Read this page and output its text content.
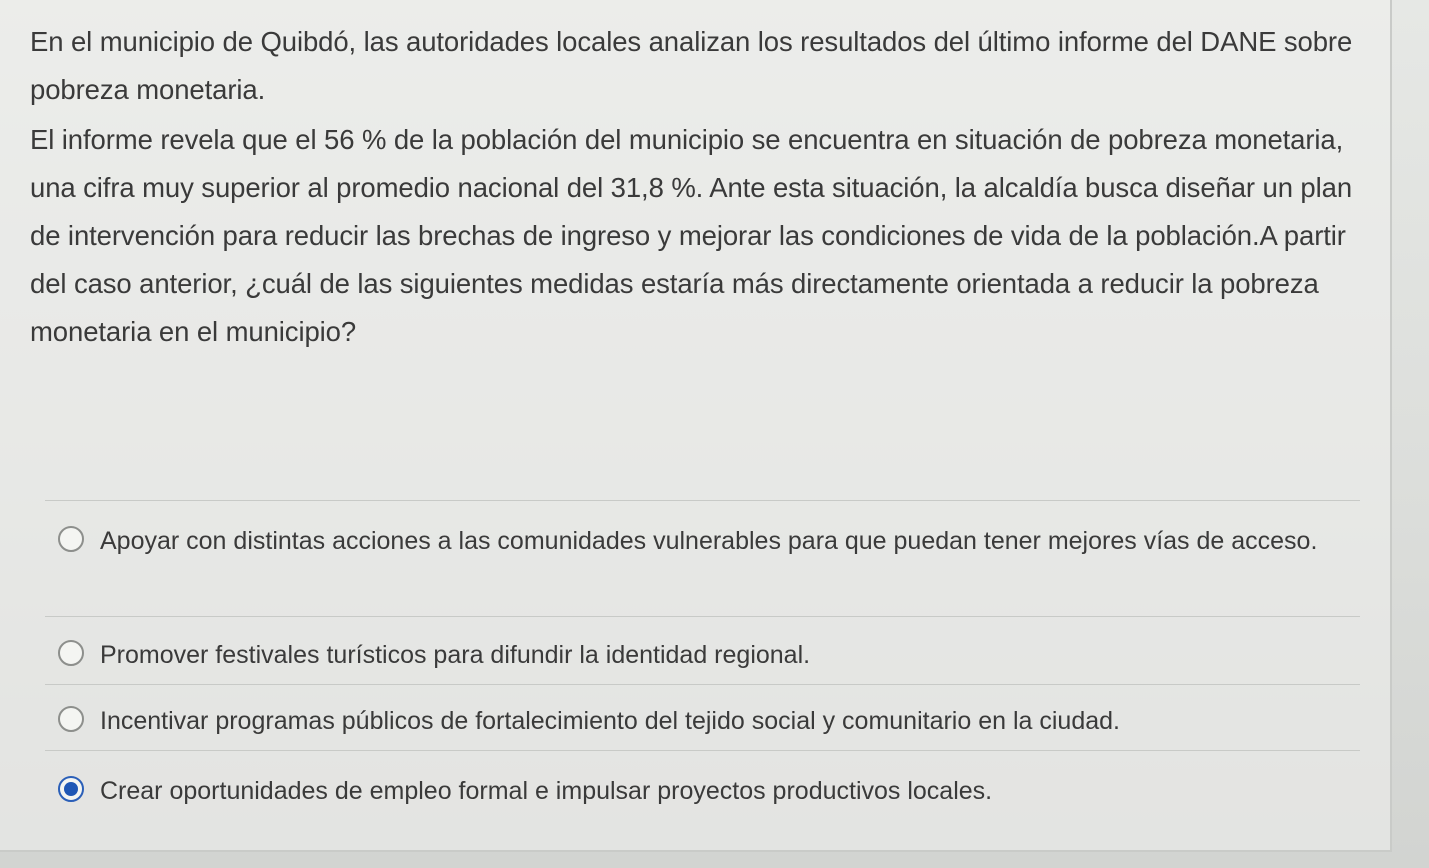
En el municipio de Quibdó, las autoridades locales analizan los resultados del último informe del DANE sobre pobreza monetaria.

El informe revela que el 56 % de la población del municipio se encuentra en situación de pobreza monetaria, una cifra muy superior al promedio nacional del 31,8 %. Ante esta situación, la alcaldía busca diseñar un plan de intervención para reducir las brechas de ingreso y mejorar las condiciones de vida de la población.A partir del caso anterior, ¿cuál de las siguientes medidas estaría más directamente orientada a reducir la pobreza monetaria en el municipio?

Apoyar con distintas acciones a las comunidades vulnerables para que puedan tener mejores vías de acceso.
Promover festivales turísticos para difundir la identidad regional.
Incentivar programas públicos de fortalecimiento del tejido social y comunitario en la ciudad.
Crear oportunidades de empleo formal e impulsar proyectos productivos locales.
